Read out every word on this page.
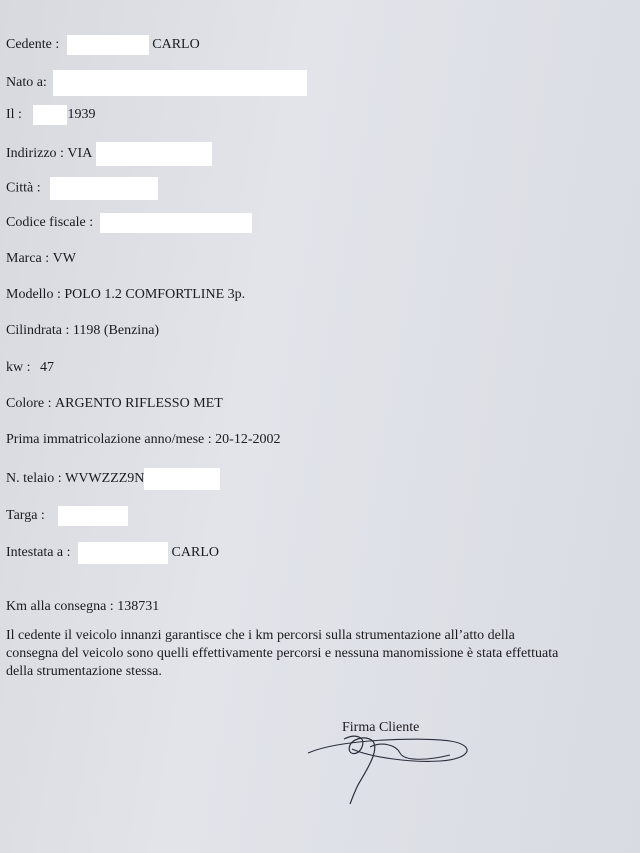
Cedente :	CARLO
Nato a:
Il :	1939
Indirizzo : VIA
Città :
Codice fiscale :
Marca : VW
Modello : POLO 1.2 COMFORTLINE 3p.
Cilindrata : 1198 (Benzina)
kw : 47
Colore : ARGENTO RIFLESSO MET
Prima immatricolazione anno/mese : 20-12-2002
N. telaio : WVWZZZ9N
Targa :
Intestata a :	CARLO
Km alla consegna : 138731
Il cedente il veicolo innanzi garantisce che i km percorsi sulla strumentazione all’atto della
consegna del veicolo sono quelli effettivamente percorsi e nessuna manomissione è stata effettuata
della strumentazione stessa.
Firma Cliente
